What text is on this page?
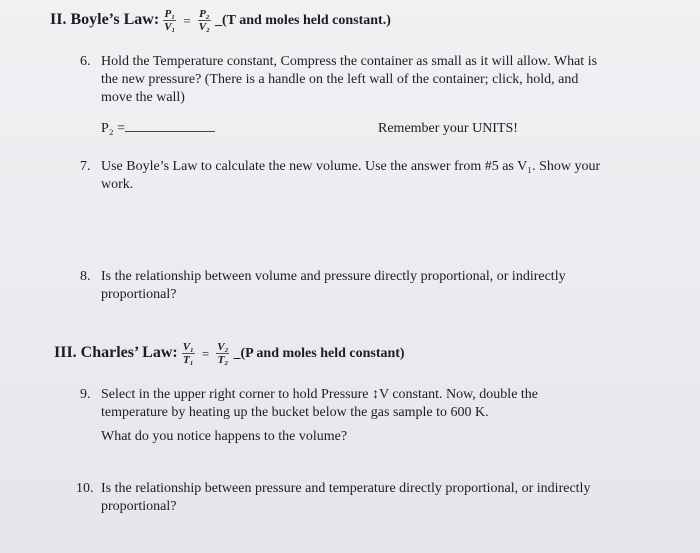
II. Boyle’s Law: $\frac{\text{P₁}}{\text{V₁}} = \frac{\text{P₂}}{\text{V₂}}$ _(T and moles held constant.)
6. Hold the Temperature constant, Compress the container as small as it will allow. What is
the new pressure? (There is a handle on the left wall of the container; click, hold, and
move the wall)
P₂ =	Remember your UNITS!
7. Use Boyle’s Law to calculate the new volume. Use the answer from #5 as V₁. Show your
work.
8. Is the relationship between volume and pressure directly proportional, or indirectly
proportional?
III. Charles’ Law: $\frac{\text{V₁}}{\text{T₁}} = \frac{\text{V₂}}{\text{T₂}}$ _(P and moles held constant)
9. Select in the upper right corner to hold Pressure ↕V constant. Now, double the
temperature by heating up the bucket below the gas sample to 600 K.
What do you notice happens to the volume?
10. Is the relationship between pressure and temperature directly proportional, or indirectly
proportional?
